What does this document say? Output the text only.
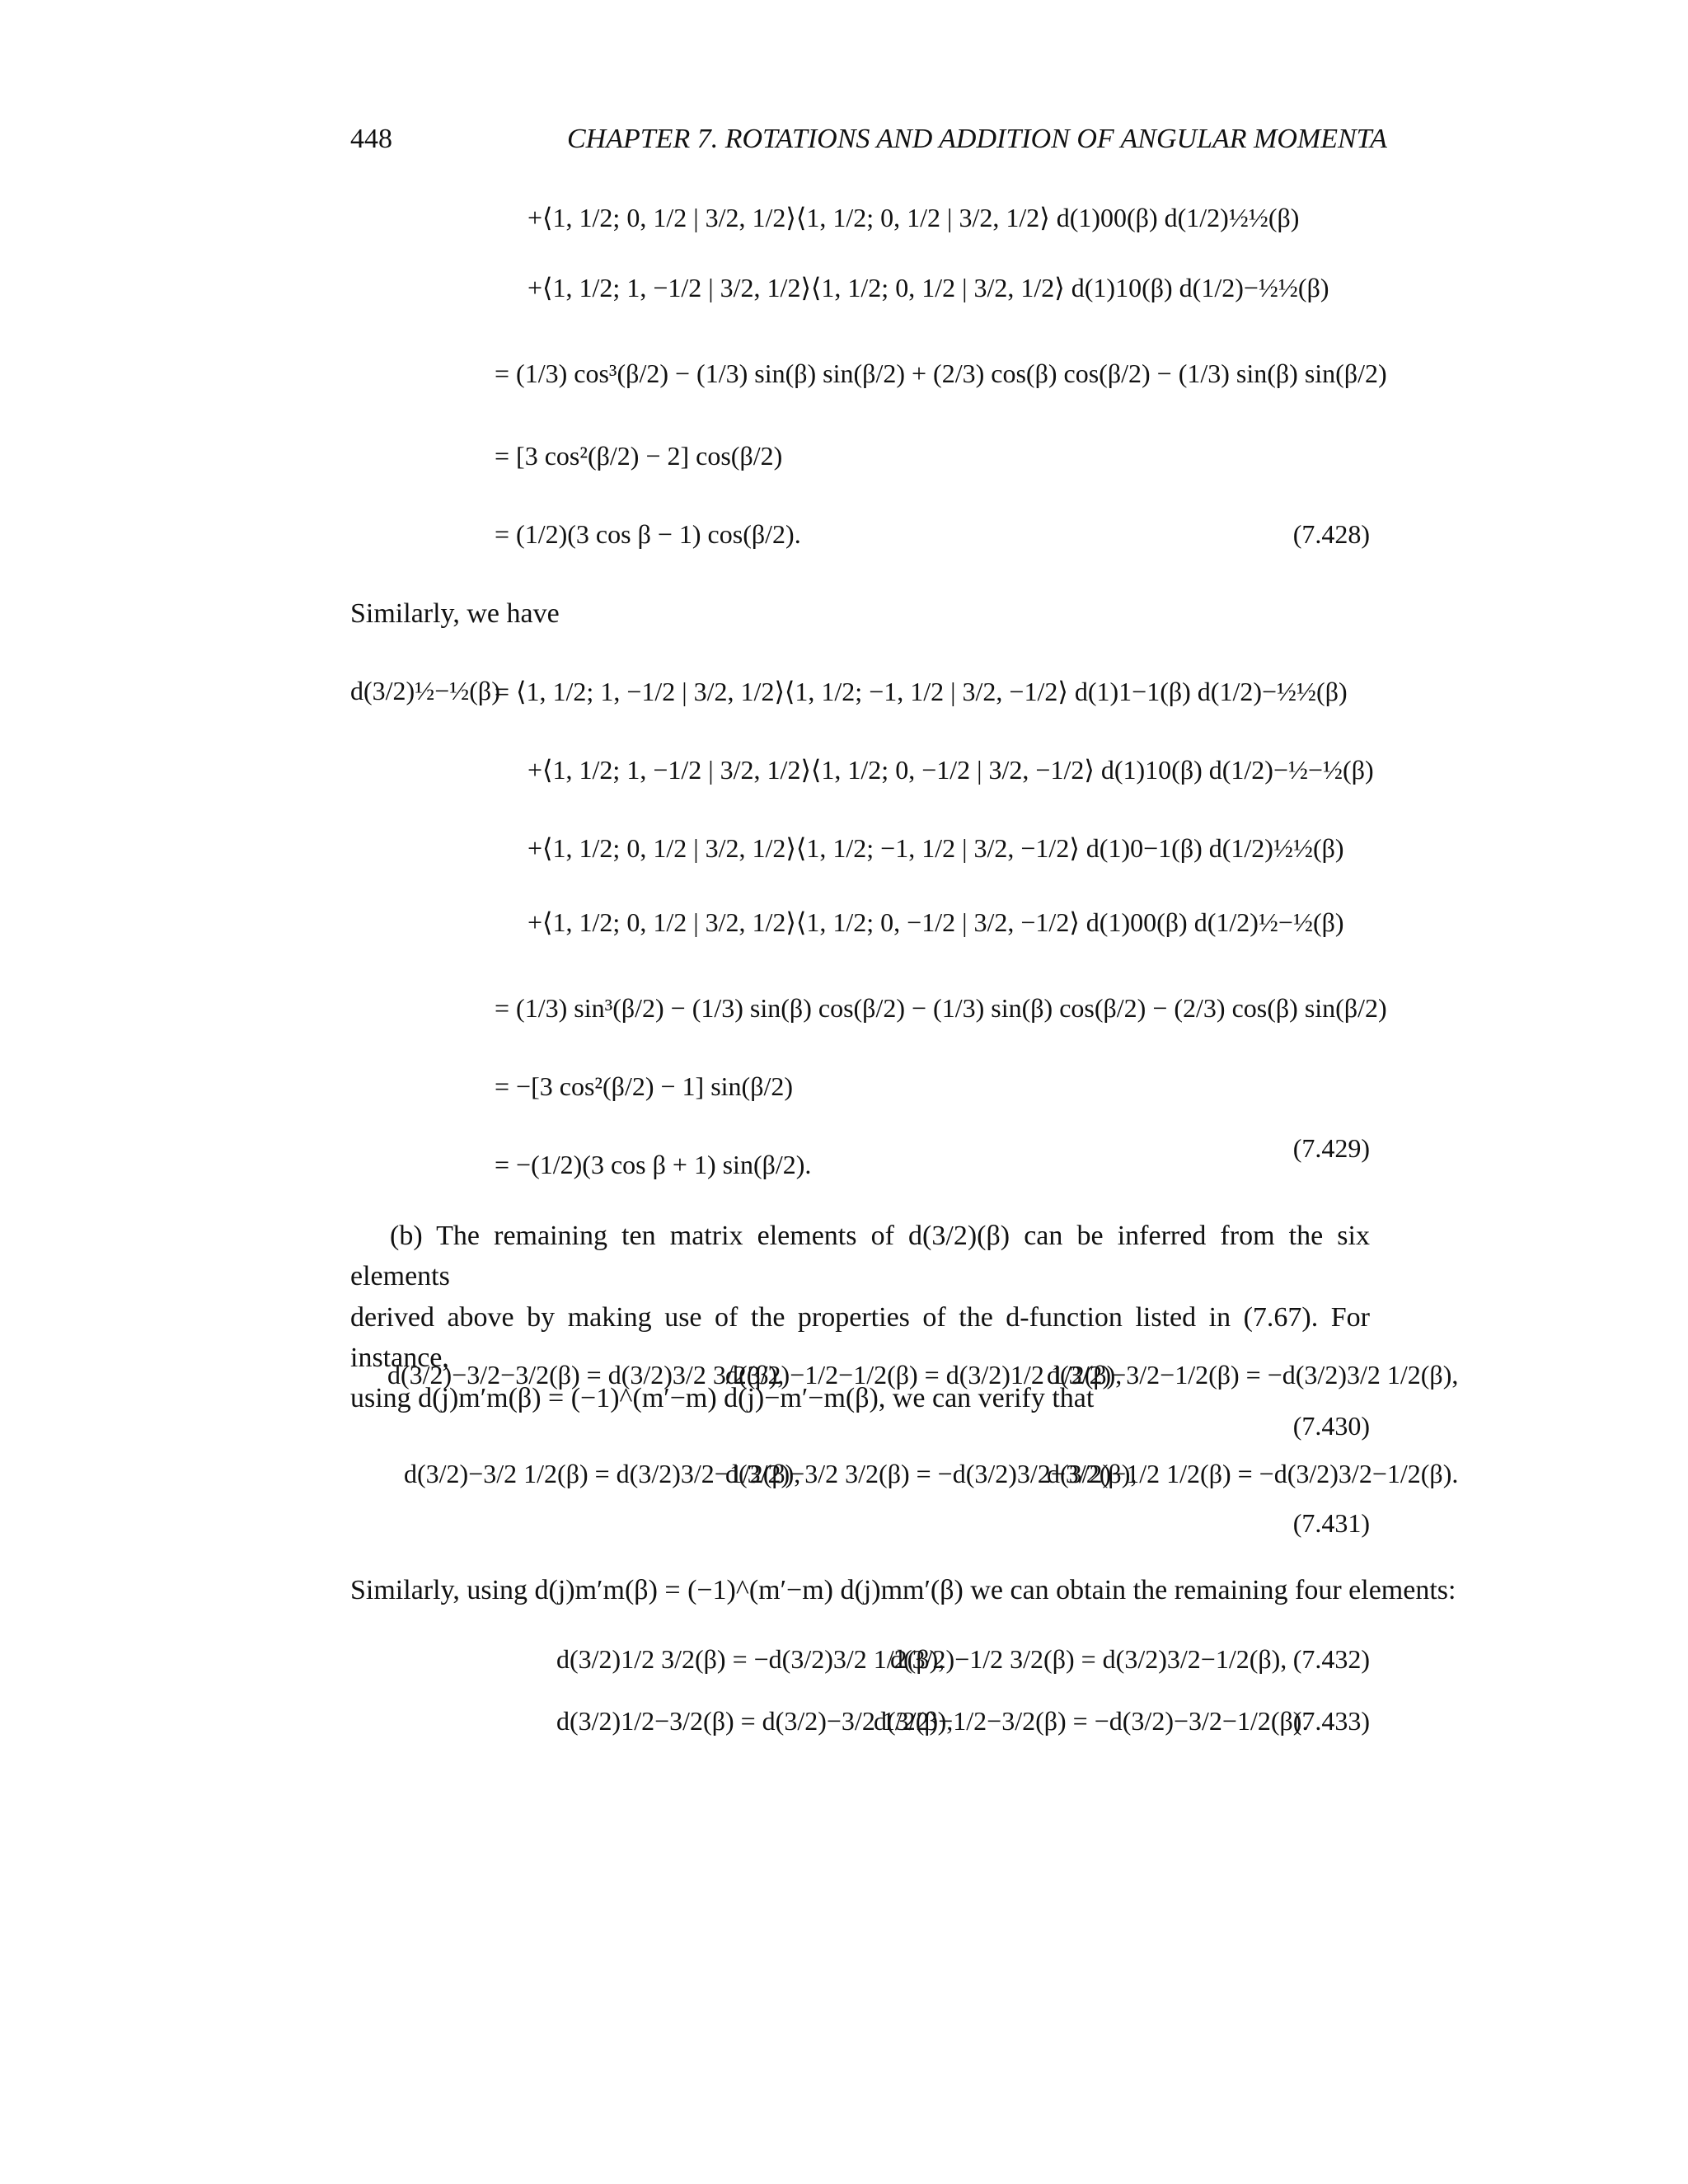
448	CHAPTER 7. ROTATIONS AND ADDITION OF ANGULAR MOMENTA
+⟨1, 1/2; 0, 1/2 | 3/2, 1/2⟩⟨1, 1/2; 0, 1/2 | 3/2, 1/2⟩ d(1)00(β) d(1/2)½½(β)
+⟨1, 1/2; 1, −1/2 | 3/2, 1/2⟩⟨1, 1/2; 0, 1/2 | 3/2, 1/2⟩ d(1)10(β) d(1/2)−½½(β)
= (1/3) cos³(β/2) − (1/3) sin(β) sin(β/2) + (2/3) cos(β) cos(β/2) − (1/3) sin(β) sin(β/2)
= [3 cos²(β/2) − 2] cos(β/2)
= (1/2)(3 cos β − 1) cos(β/2).	(7.428)
Similarly, we have
d(3/2)½−½(β)
= ⟨1, 1/2; 1, −1/2 | 3/2, 1/2⟩⟨1, 1/2; −1, 1/2 | 3/2, −1/2⟩ d(1)1−1(β) d(1/2)−½½(β)
+⟨1, 1/2; 1, −1/2 | 3/2, 1/2⟩⟨1, 1/2; 0, −1/2 | 3/2, −1/2⟩ d(1)10(β) d(1/2)−½−½(β)
+⟨1, 1/2; 0, 1/2 | 3/2, 1/2⟩⟨1, 1/2; −1, 1/2 | 3/2, −1/2⟩ d(1)0−1(β) d(1/2)½½(β)
+⟨1, 1/2; 0, 1/2 | 3/2, 1/2⟩⟨1, 1/2; 0, −1/2 | 3/2, −1/2⟩ d(1)00(β) d(1/2)½−½(β)
= (1/3) sin³(β/2) − (1/3) sin(β) cos(β/2) − (1/3) sin(β) cos(β/2) − (2/3) cos(β) sin(β/2)
= −[3 cos²(β/2) − 1] sin(β/2)
= −(1/2)(3 cos β + 1) sin(β/2).
(7.429)
(b) The remaining ten matrix elements of d(3/2)(β) can be inferred from the six elements
derived above by making use of the properties of the d-function listed in (7.67). For instance,
using d(j)m′m(β) = (−1)^(m′−m) d(j)−m′−m(β), we can verify that
d(3/2)−3/2−3/2(β) = d(3/2)3/2 3/2(β),
d(3/2)−1/2−1/2(β) = d(3/2)1/2 1/2(β),
d(3/2)−3/2−1/2(β) = −d(3/2)3/2 1/2(β),
(7.430)
d(3/2)−3/2 1/2(β) = d(3/2)3/2−1/2(β),
d(3/2)−3/2 3/2(β) = −d(3/2)3/2−3/2(β),
d(3/2)−1/2 1/2(β) = −d(3/2)3/2−1/2(β).
(7.431)
Similarly, using d(j)m′m(β) = (−1)^(m′−m) d(j)mm′(β) we can obtain the remaining four elements:
d(3/2)1/2 3/2(β) = −d(3/2)3/2 1/2(β),
d(3/2)−1/2 3/2(β) = d(3/2)3/2−1/2(β), (7.432)
d(3/2)1/2−3/2(β) = d(3/2)−3/2 1/2(β),
d(3/2)−1/2−3/2(β) = −d(3/2)−3/2−1/2(β).
(7.433)
